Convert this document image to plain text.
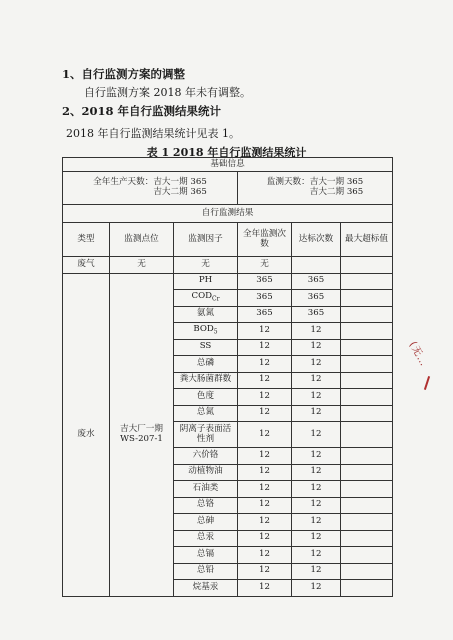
1、自行监测方案的调整
自行监测方案 2018 年未有调整。
2、2018 年自行监测结果统计
2018 年自行监测结果统计见表 1。
表 1 2018 年自行监测结果统计
基础信息					
全年生产天数：吉大一期 365
吉大二期 365			监测天数：吉大一期 365
吉大二期 365		
自行监测结果					
类型	监测点位	监测因子	全年监测次数	达标次数	最大超标值
废气	无	无	无		
废水	吉大厂一期 WS-207-1	PH	365	365	
		$COD_{Cr}$	365	365	
		氨氮	365	365	
		$BOD_5$	12	12	
		SS	12	12	
		总磷	12	12	
		粪大肠菌群数	12	12	
		色度	12	12	
		总氮	12	12	
		阴离子表面活性剂	12	12	
		六价铬	12	12	
		动植物油	12	12	
		石油类	12	12	
		总铬	12	12	
		总砷	12	12	
		总汞	12	12	
		总镉	12	12	
		总铅	12	12	
		烷基汞	12	12	
(无…
